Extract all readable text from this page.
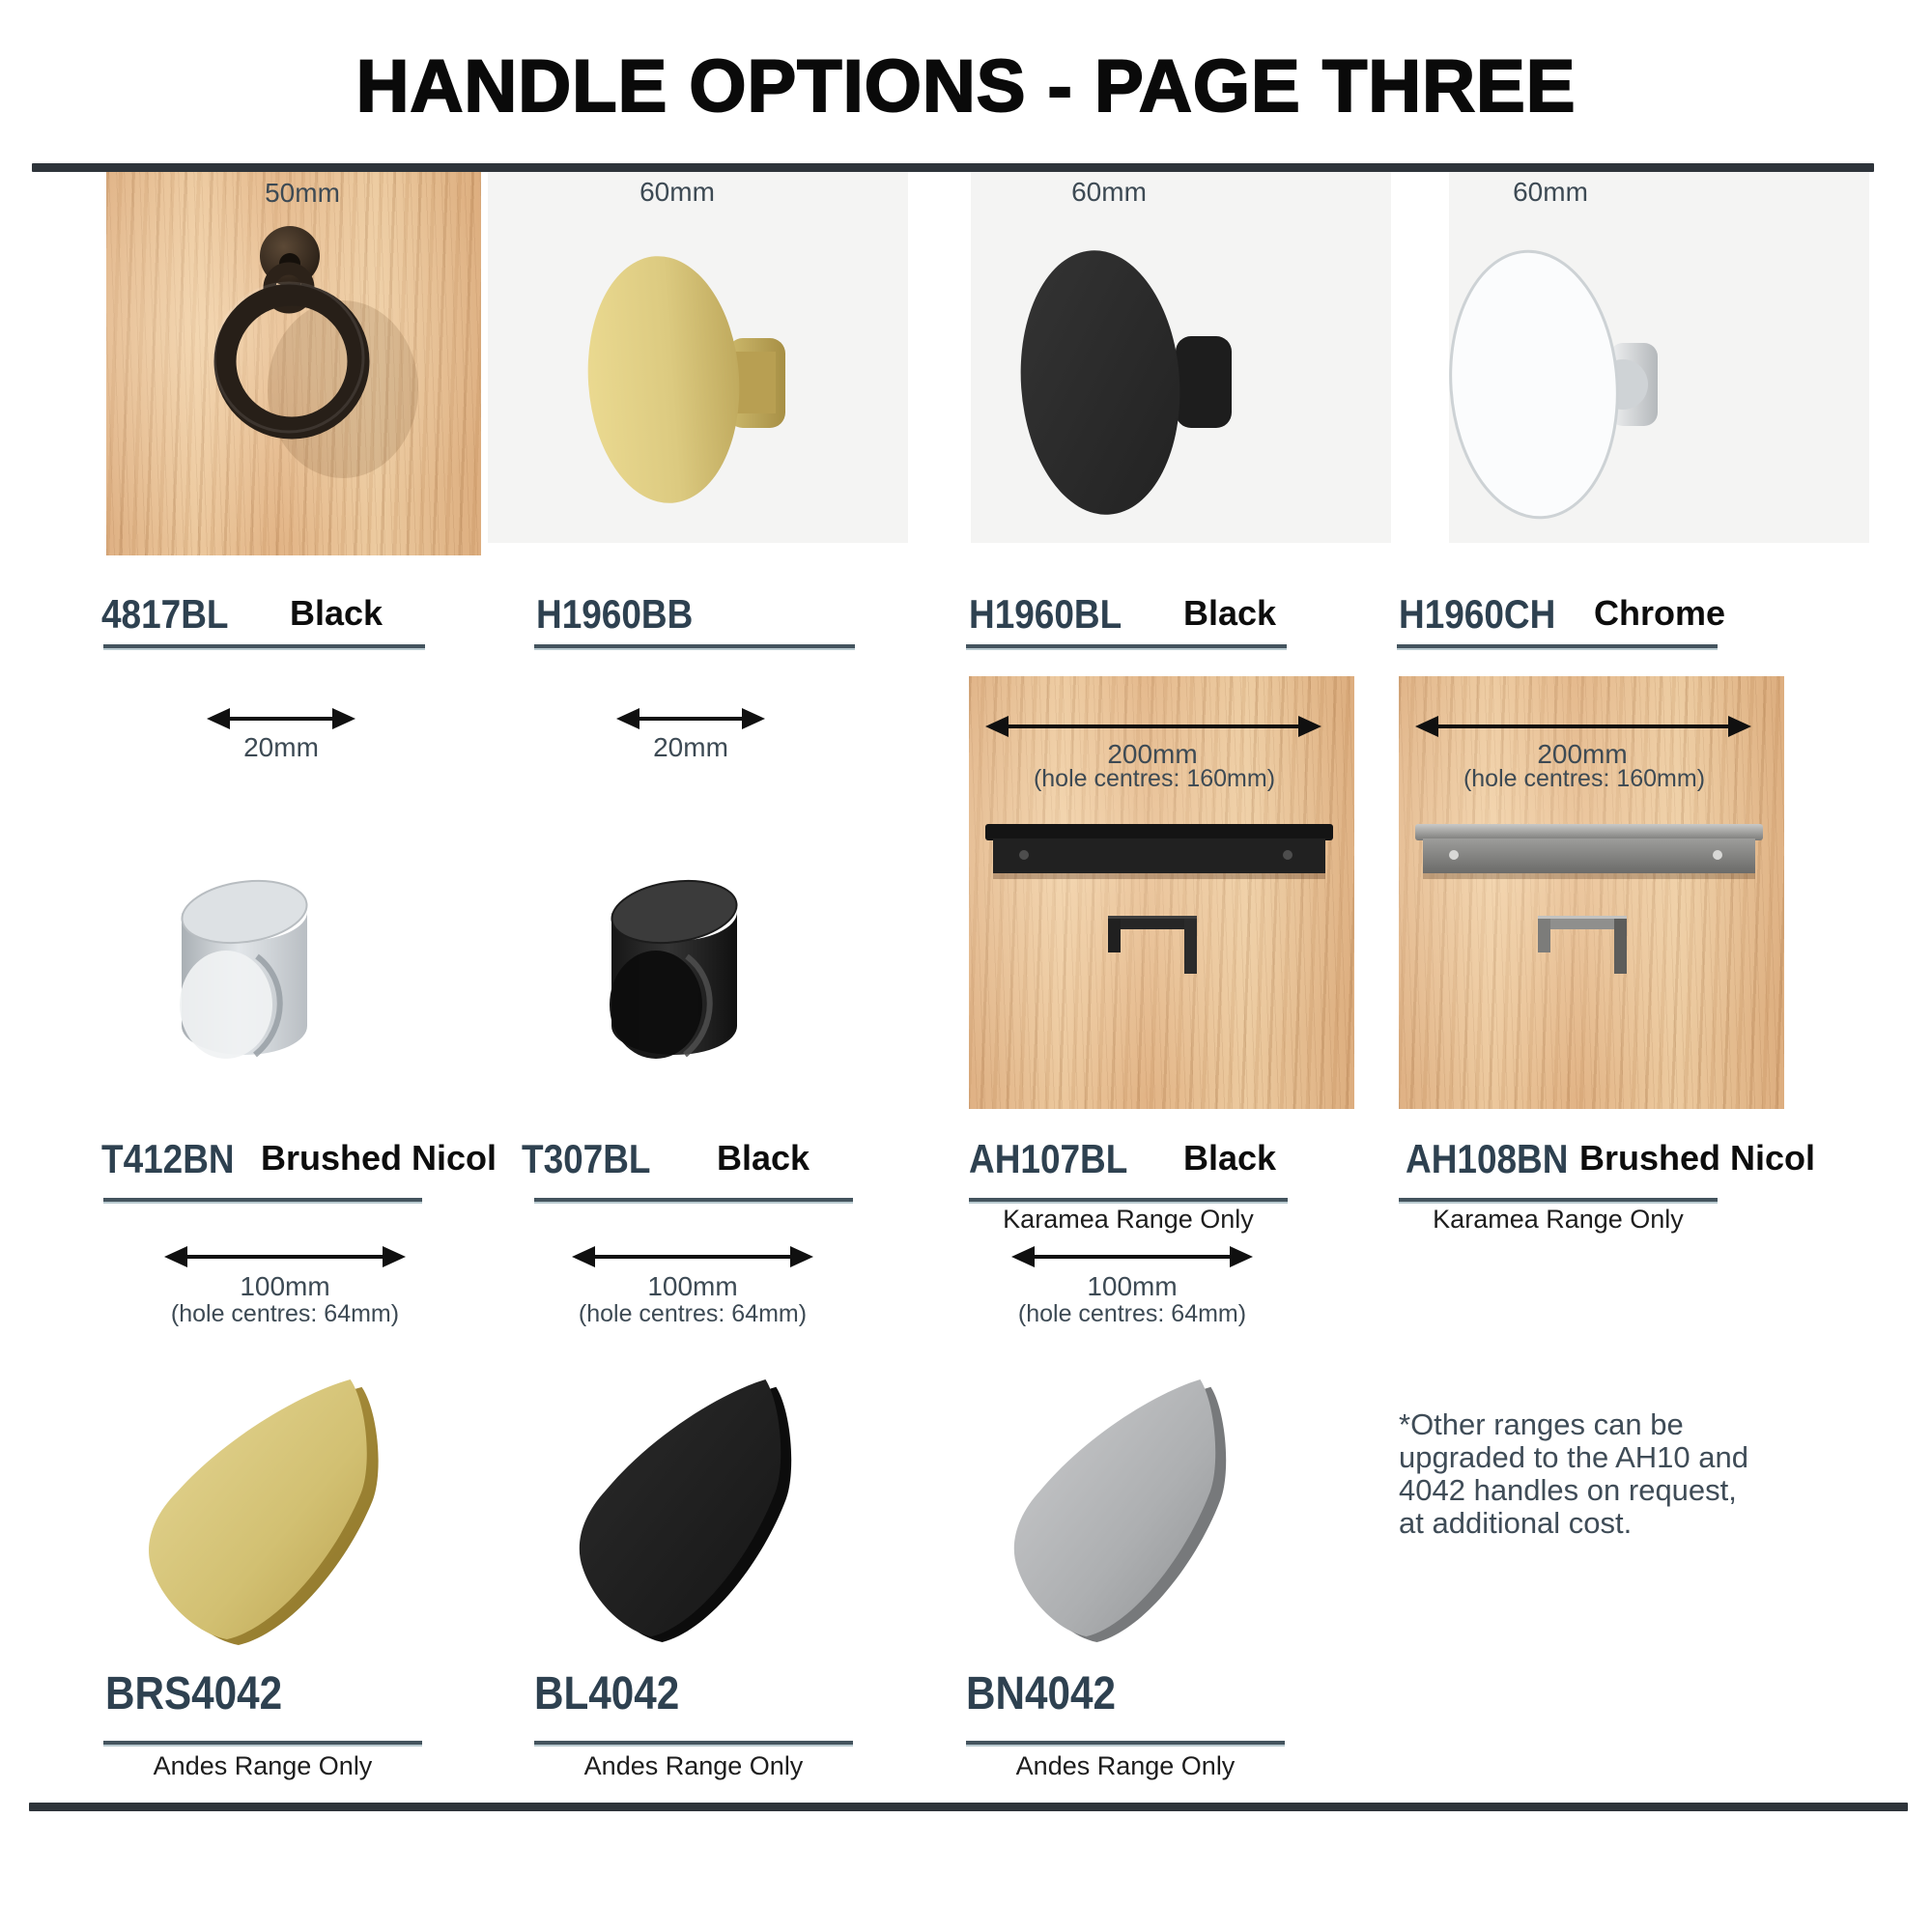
HANDLE OPTIONS - PAGE THREE
50mm	60mm	60mm	60mm
4817BL Black	H1960BB	H1960BL Black	H1960CH Chrome
20mm	20mm	200mm
(hole centres: 160mm)
200mm
(hole centres: 160mm)
T412BN Brushed Nicol T307BL Black	AH107BL Black
Karamea Range Only
AH108BN Brushed Nicol
Karamea Range Only
100mm
(hole centres: 64mm)
100mm
(hole centres: 64mm)
100mm
(hole centres: 64mm)
BRS4042
Andes Range Only
BL4042
Andes Range Only
BN4042
Andes Range Only
*Other ranges can be
upgraded to the AH10 and
4042 handles on request,
at additional cost.
